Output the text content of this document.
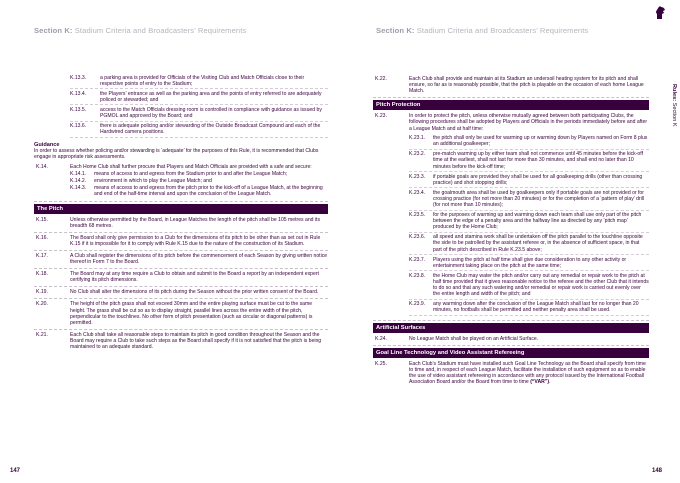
Section K: Stadium Criteria and Broadcasters’ Requirements
K.13.3.	a parking area is provided for Officials of the Visiting Club and Match Officials close to their respective points of entry to the Stadium;
K.13.4.	the Players’ entrance as well as the parking area and the points of entry referred to are adequately policed or stewarded; and
K.13.5.	access to the Match Officials dressing room is controlled in compliance with guidance as issued by PGMOL and approved by the Board; and
K.13.6.	there is adequate policing and/or stewarding of the Outside Broadcast Compound and each of the Hardwired camera positions.
Guidance
In order to assess whether policing and/or stewarding is ‘adequate’ for the purposes of this Rule, it is recommended that Clubs engage in appropriate risk assessments.
K.14.	Each Home Club shall further procure that Players and Match Officials are provided with a safe and secure:
K.14.1.	means of access to and egress from the Stadium prior to and after the League Match;
K.14.2.	environment in which to play the League Match; and
K.14.3.	means of access to and egress from the pitch prior to the kick-off of a League Match, at the beginning and end of the half-time interval and upon the conclusion of the League Match.
The Pitch
K.15.	Unless otherwise permitted by the Board, in League Matches the length of the pitch shall be 105 metres and its breadth 68 metres.
K.16.	The Board shall only give permission to a Club for the dimensions of its pitch to be other than as set out in Rule K.15 if it is impossible for it to comply with Rule K.15 due to the nature of the construction of its Stadium.
K.17.	A Club shall register the dimensions of its pitch before the commencement of each Season by giving written notice thereof in Form 7 to the Board.
K.18.	The Board may at any time require a Club to obtain and submit to the Board a report by an independent expert certifying its pitch dimensions.
K.19.	No Club shall alter the dimensions of its pitch during the Season without the prior written consent of the Board.
K.20.	The height of the pitch grass shall not exceed 30mm and the entire playing surface must be cut to the same height. The grass shall be cut so as to display straight, parallel lines across the entire width of the pitch, perpendicular to the touchlines. No other form of pitch presentation (such as circular or diagonal patterns) is permitted.
K.21.	Each Club shall take all reasonable steps to maintain its pitch in good condition throughout the Season and the Board may require a Club to take such steps as the Board shall specify if it is not satisfied that the pitch is being maintained to an adequate standard.
147
Section K: Stadium Criteria and Broadcasters’ Requirements
Rules: Section K
K.22.	Each Club shall provide and maintain at its Stadium an undersoil heating system for its pitch and shall ensure, so far as is reasonably possible, that the pitch is playable on the occasion of each home League Match.
Pitch Protection
K.23.	In order to protect the pitch, unless otherwise mutually agreed between both participating Clubs, the following procedures shall be adopted by Players and Officials in the periods immediately before and after a League Match and at half time:
K.23.1.	the pitch shall only be used for warming up or warming down by Players named on Form 8 plus an additional goalkeeper;
K.23.2.	pre-match warming up by either team shall not commence until 45 minutes before the kick-off time at the earliest, shall not last for more than 30 minutes, and shall end no later than 10 minutes before the kick-off time;
K.23.3.	if portable goals are provided they shall be used for all goalkeeping drills (other than crossing practice) and shot stopping drills;
K.23.4.	the goalmouth area shall be used by goalkeepers only if portable goals are not provided or for crossing practice (for not more than 20 minutes) or for the completion of a ‘pattern of play’ drill (for not more than 10 minutes);
K.23.5.	for the purposes of warming up and warming down each team shall use only part of the pitch between the edge of a penalty area and the halfway line as directed by any ‘pitch map’ produced by the Home Club;
K.23.6.	all speed and stamina work shall be undertaken off the pitch parallel to the touchline opposite the side to be patrolled by the assistant referee or, in the absence of sufficient space, in that part of the pitch described in Rule K.23.5 above;
K.23.7.	Players using the pitch at half time shall give due consideration to any other activity or entertainment taking place on the pitch at the same time;
K.23.8.	the Home Club may water the pitch and/or carry out any remedial or repair work to the pitch at half time provided that it gives reasonable notice to the referee and the other Club that it intends to do so and that any such watering and/or remedial or repair work is carried out evenly over the entire length and width of the pitch; and
K.23.9.	any warming down after the conclusion of the League Match shall last for no longer than 20 minutes, no footballs shall be permitted and neither penalty area shall be used.
Artificial Surfaces
K.24.	No League Match shall be played on an Artificial Surface.
Goal Line Technology and Video Assistant Refereeing
K.25.	Each Club’s Stadium must have installed such Goal Line Technology as the Board shall specify from time to time and, in respect of each League Match, facilitate the installation of such equipment so as to enable the use of video assistant refereeing in accordance with any protocol issued by the International Football Association Board and/or the Board from time to time (“VAR”).
148
